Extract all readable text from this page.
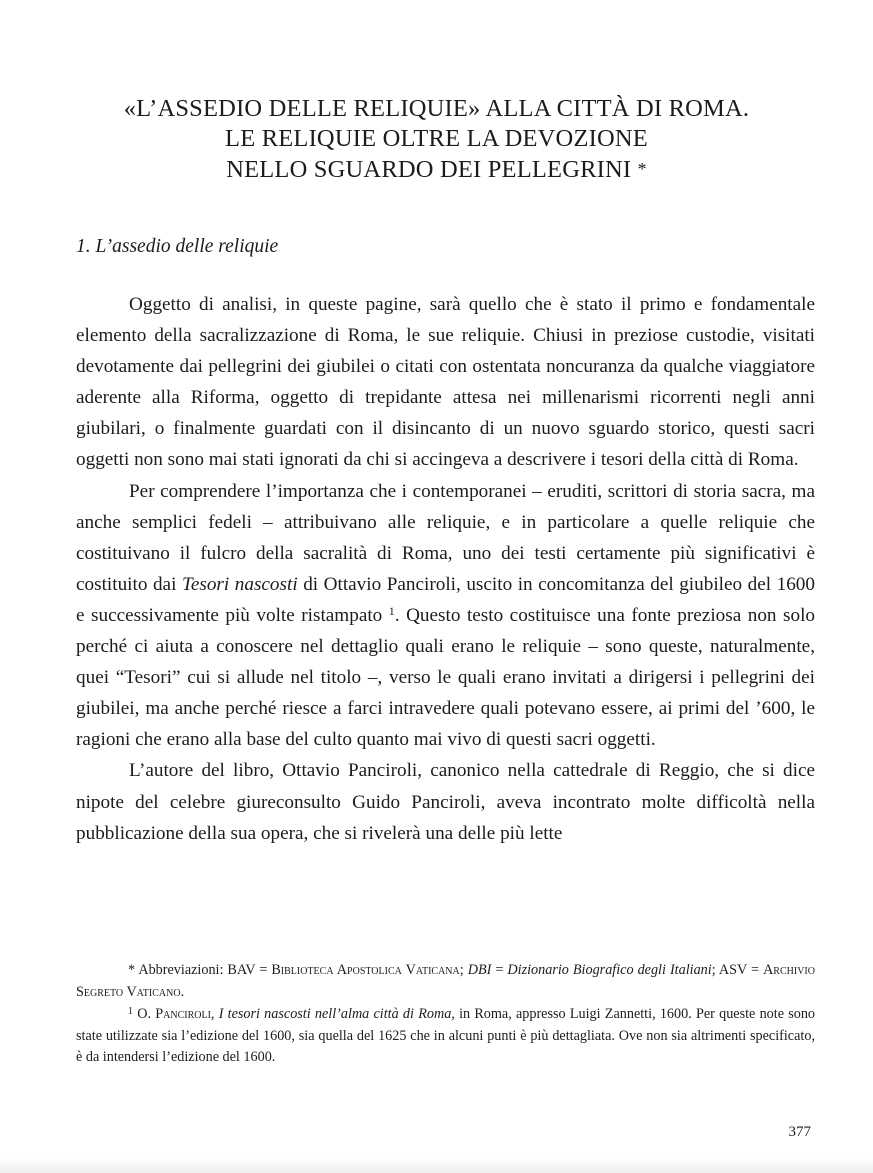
«L’ASSEDIO DELLE RELIQUIE» ALLA CITTÀ DI ROMA.
LE RELIQUIE OLTRE LA DEVOZIONE
NELLO SGUARDO DEI PELLEGRINI *
1. L’assedio delle reliquie

Oggetto di analisi, in queste pagine, sarà quello che è stato il primo e fondamentale elemento della sacralizzazione di Roma, le sue reliquie. Chiusi in preziose custodie, visitati devotamente dai pellegrini dei giubilei o citati con ostentata noncuranza da qualche viaggiatore aderente alla Riforma, oggetto di trepidante attesa nei millenarismi ricorrenti negli anni giubilari, o finalmente guardati con il disincanto di un nuovo sguardo storico, questi sacri oggetti non sono mai stati ignorati da chi si accingeva a descrivere i tesori della città di Roma.

Per comprendere l’importanza che i contemporanei – eruditi, scrittori di storia sacra, ma anche semplici fedeli – attribuivano alle reliquie, e in particolare a quelle reliquie che costituivano il fulcro della sacralità di Roma, uno dei testi certamente più significativi è costituito dai Tesori nascosti di Ottavio Panciroli, uscito in concomitanza del giubileo del 1600 e successivamente più volte ristampato $^1$. Questo testo costituisce una fonte preziosa non solo perché ci aiuta a conoscere nel dettaglio quali erano le reliquie – sono queste, naturalmente, quei “Tesori” cui si allude nel titolo –, verso le quali erano invitati a dirigersi i pellegrini dei giubilei, ma anche perché riesce a farci intravedere quali potevano essere, ai primi del ’600, le ragioni che erano alla base del culto quanto mai vivo di questi sacri oggetti.

L’autore del libro, Ottavio Panciroli, canonico nella cattedrale di Reggio, che si dice nipote del celebre giureconsulto Guido Panciroli, aveva incontrato molte difficoltà nella pubblicazione della sua opera, che si rivelerà una delle più lette

* Abbreviazioni: BAV = Biblioteca Apostolica Vaticana; DBI = Dizionario Biografico degli Italiani; ASV = Archivio Segreto Vaticano.

$^1$ O. Panciroli, I tesori nascosti nell’alma città di Roma, in Roma, appresso Luigi Zannetti, 1600. Per queste note sono state utilizzate sia l’edizione del 1600, sia quella del 1625 che in alcuni punti è più dettagliata. Ove non sia altrimenti specificato, è da intendersi l’edizione del 1600.

377
